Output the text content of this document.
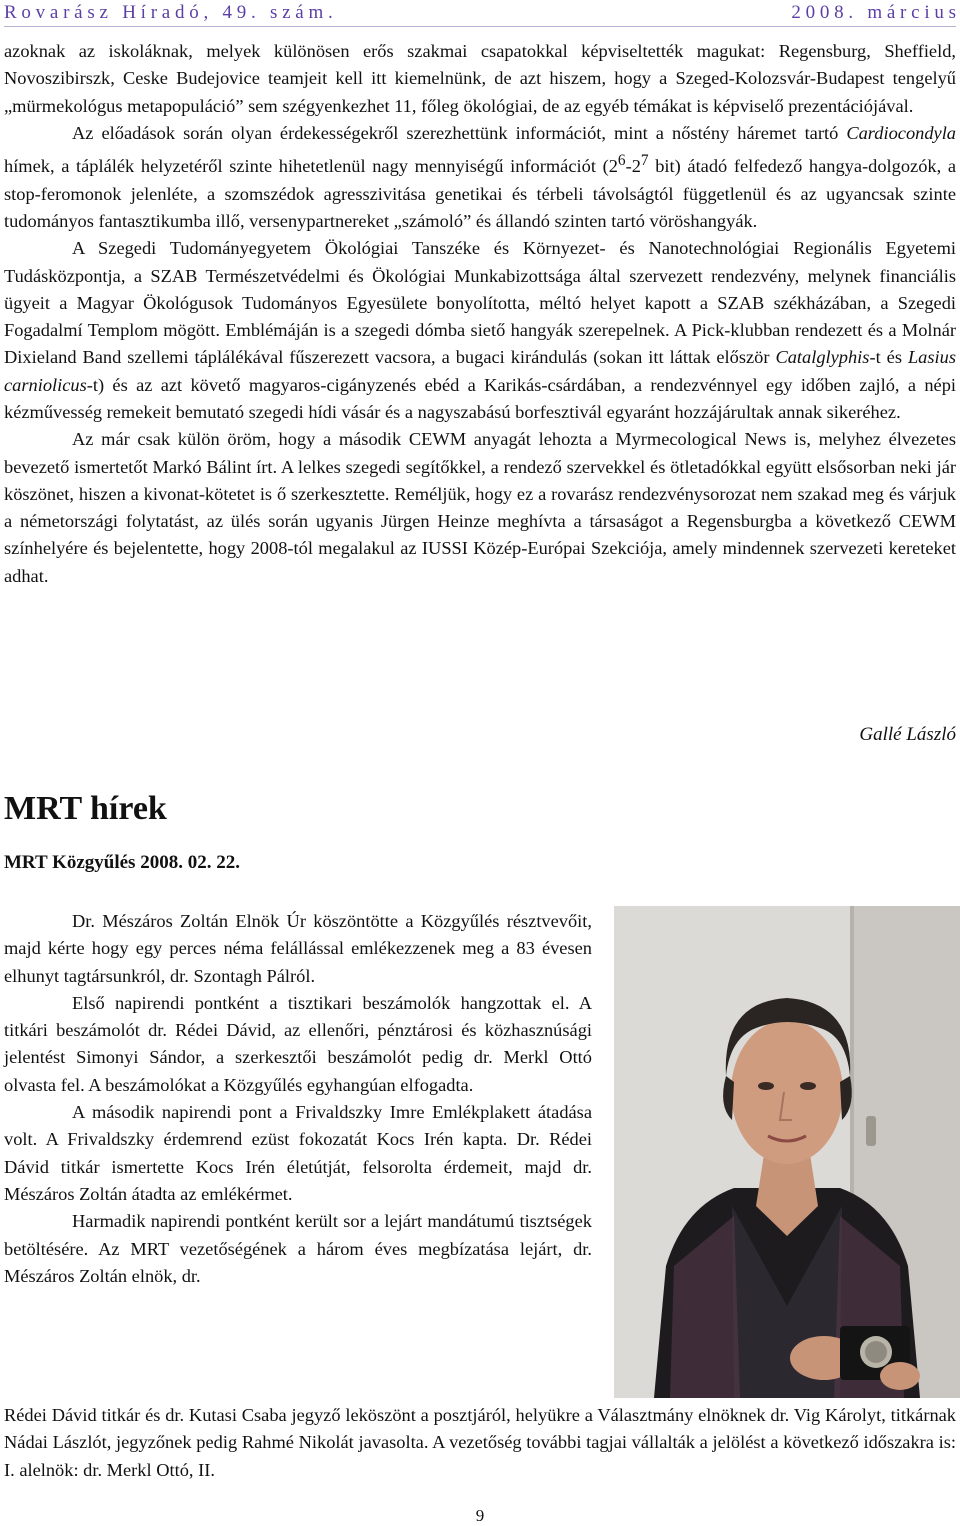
R o v a r á s z   H í r a d ó ,   4 9 .   s z á m .	2 0 0 8 .   m á r c i u s

azoknak az iskoláknak, melyek különösen erős szakmai csapatokkal képviseltették magukat: Regensburg, Sheffield, Novoszibirszk, Ceske Budejovice teamjeit kell itt kiemelnünk, de azt hiszem, hogy a Szeged-Kolozsvár-Budapest tengelyű „mürmekológus metapopuláció” sem szégyenkezhet 11, főleg ökológiai, de az egyéb témákat is képviselő prezentációjával.

Az előadások során olyan érdekességekről szerezhettünk információt, mint a nőstény háremet tartó Cardiocondyla hímek, a táplálék helyzetéről szinte hihetetlenül nagy mennyiségű információt ($2^6-2^7$ bit) átadó felfedező hangya-dolgozók, a stop-feromonok jelenléte, a szomszédok agresszivitása genetikai és térbeli távolságtól függetlenül és az ugyancsak szinte tudományos fantasztikumba illő, versenypartnereket „számoló” és állandó szinten tartó vöröshangyák.

A Szegedi Tudományegyetem Ökológiai Tanszéke és Környezet- és Nanotechnológiai Regionális Egyetemi Tudásközpontja, a SZAB Természetvédelmi és Ökológiai Munkabizottsága által szervezett rendezvény, melynek financiális ügyeit a Magyar Ökológusok Tudományos Egyesülete bonyolította, méltó helyet kapott a SZAB székházában, a Szegedi Fogadalmí Templom mögött. Emblémáján is a szegedi dómba siető hangyák szerepelnek. A Pick-klubban rendezett és a Molnár Dixieland Band szellemi táplálékával fűszerezett vacsora, a bugaci kirándulás (sokan itt láttak először Catalglyphis-t és Lasius carniolicus-t) és az azt követő magyaros-cigányzenés ebéd a Karikás-csárdában, a rendezvénnyel egy időben zajló, a népi kézművesség remekeit bemutató szegedi hídi vásár és a nagyszabású borfesztivál egyaránt hozzájárultak annak sikeréhez.

Az már csak külön öröm, hogy a második CEWM anyagát lehozta a Myrmecological News is, melyhez élvezetes bevezető ismertetőt Markó Bálint írt. A lelkes szegedi segítőkkel, a rendező szervekkel és ötletadókkal együtt elsősorban neki jár köszönet, hiszen a kivonat-kötetet is ő szerkesztette. Reméljük, hogy ez a rovarász rendezvénysorozat nem szakad meg és várjuk a németországi folytatást, az ülés során ugyanis Jürgen Heinze meghívta a társaságot a Regensburgba a következő CEWM színhelyére és bejelentette, hogy 2008-tól megalakul az IUSSI Közép-Európai Szekciója, amely mindennek szervezeti kereteket adhat.

Gallé László
MRT hírek
MRT Közgyűlés 2008. 02. 22.

Dr. Mészáros Zoltán Elnök Úr köszöntötte a Közgyűlés résztvevőit, majd kérte hogy egy perces néma felállással emlékezzenek meg a 83 évesen elhunyt tagtársunkról, dr. Szontagh Pálról.

Első napirendi pontként a tisztikari beszámolók hangzottak el. A titkári beszámolót dr. Rédei Dávid, az ellenőri, pénztárosi és közhasznúsági jelentést Simonyi Sándor, a szerkesztői beszámolót pedig dr. Merkl Ottó olvasta fel. A beszámolókat a Közgyűlés egyhangúan elfogadta.

A második napirendi pont a Frivaldszky Imre Emlékplakett átadása volt. A Frivaldszky érdemrend ezüst fokozatát Kocs Irén kapta. Dr. Rédei Dávid titkár ismertette Kocs Irén életútját, felsorolta érdemeit, majd dr. Mészáros Zoltán átadta az emlékérmet.

Harmadik napirendi pontként került sor a lejárt mandátumú tisztségek betöltésére. Az MRT vezetőségének a három éves megbízatása lejárt, dr. Mészáros Zoltán elnök, dr.

Rédei Dávid titkár és dr. Kutasi Csaba jegyző leköszönt a posztjáról, helyükre a Választmány elnöknek dr. Vig Károlyt, titkárnak Nádai Lászlót, jegyzőnek pedig Rahmé Nikolát javasolta. A vezetőség további tagjai vállalták a jelölést a következő időszakra is: I. alelnök: dr. Merkl Ottó, II.

9
